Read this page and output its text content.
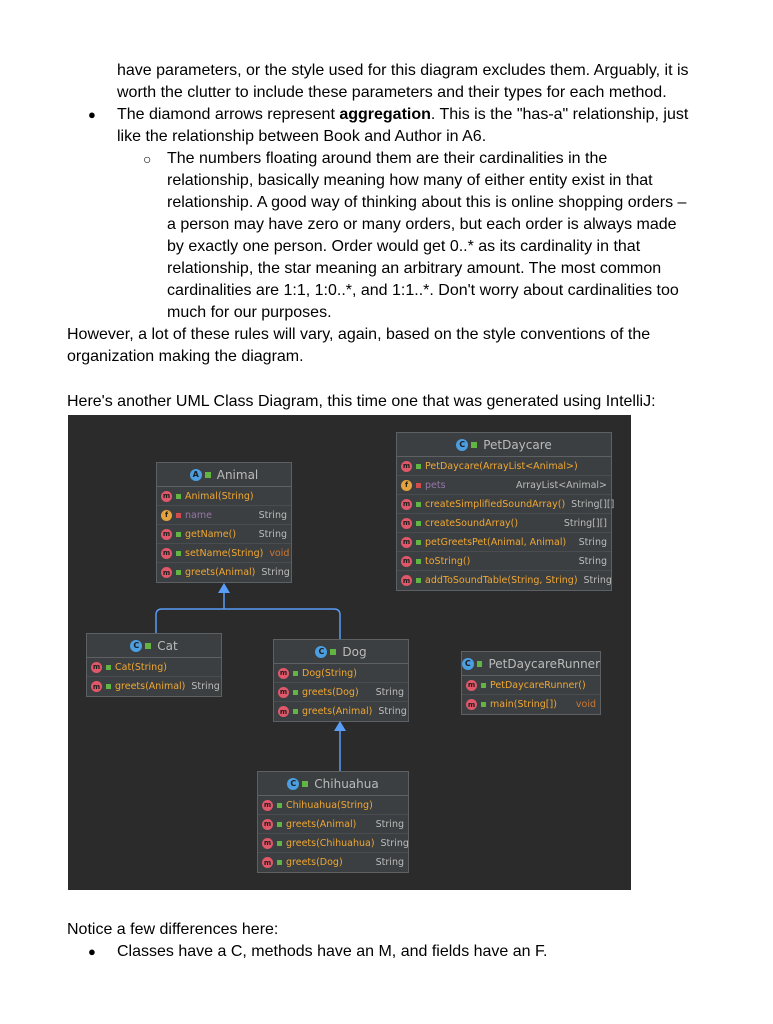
have parameters, or the style used for this diagram excludes them. Arguably, it is
worth the clutter to include these parameters and their types for each method.
● The diamond arrows represent aggregation. This is the "has-a" relationship, just
like the relationship between Book and Author in A6.
○ The numbers floating around them are their cardinalities in the
relationship, basically meaning how many of either entity exist in that
relationship. A good way of thinking about this is online shopping orders –
a person may have zero or many orders, but each order is always made
by exactly one person. Order would get 0..* as its cardinality in that
relationship, the star meaning an arbitrary amount. The most common
cardinalities are 1:1, 1:0..*, and 1:1..*. Don't worry about cardinalities too
much for our purposes.
However, a lot of these rules will vary, again, based on the style conventions of the
organization making the diagram.
Here's another UML Class Diagram, this time one that was generated using IntelliJ:
A Animal
m Animal(String)
f	name	String
m getName()	String
m setName(String) void
m greets(Animal) String
C PetDaycare
m PetDaycare(ArrayList<Animal>)
f	pets	ArrayList<Animal>
m createSimplifiedSoundArray() String[][]
m createSoundArray()	String[][]
m petGreetsPet(Animal, Animal)	String
m toString()	String
m addToSoundTable(String, String) String
C Cat
m Cat(String)
m greets(Animal) String
C Dog
m Dog(String)
m greets(Dog)	String
m greets(Animal) String
C PetDaycareRunner
m PetDaycareRunner()
m main(String[])	void
C Chihuahua
m Chihuahua(String)
m greets(Animal)	String
m greets(Chihuahua) String
m greets(Dog)	String
Notice a few differences here:
● Classes have a C, methods have an M, and fields have an F.
